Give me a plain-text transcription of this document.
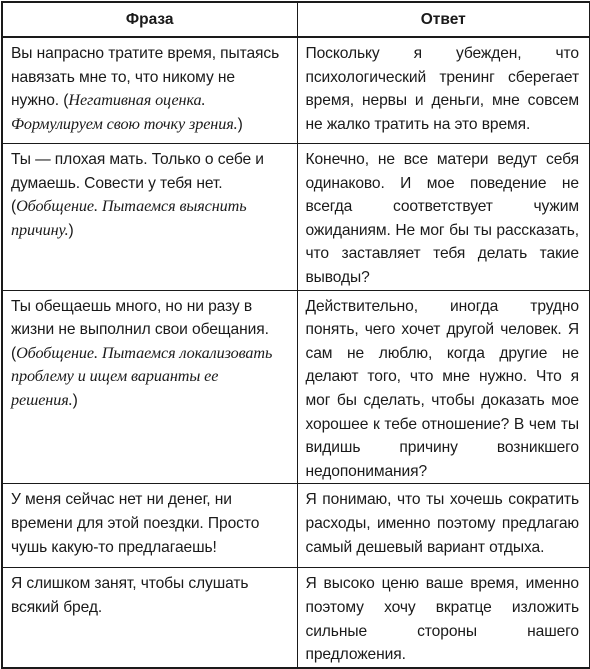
Фраза	Ответ
Вы напрасно тратите время, пытаясь навязать мне то, что никому не нужно. (Негативная оценка. Формулируем свою точку зрения.)	Поскольку я убежден, что психологический тренинг сберегает время, нервы и деньги, мне совсем не жалко тратить на это время.
Ты — плохая мать. Только о себе и думаешь. Совести у тебя нет. (Обобщение. Пытаемся выяснить причину.)	Конечно, не все матери ведут себя одинаково. И мое поведение не всегда соответствует чужим ожиданиям. Не мог бы ты рассказать, что заставляет тебя делать такие выводы?
Ты обещаешь много, но ни разу в жизни не выполнил свои обещания. (Обобщение. Пытаемся локализовать проблему и ищем варианты ее решения.)	Действительно, иногда трудно понять, чего хочет другой человек. Я сам не люблю, когда другие не делают того, что мне нужно. Что я мог бы сделать, чтобы доказать мое хорошее к тебе отношение? В чем ты видишь причину возникшего недопонимания?
У меня сейчас нет ни денег, ни времени для этой поездки. Просто чушь какую-то предлагаешь!	Я понимаю, что ты хочешь сократить расходы, именно поэтому предлагаю самый дешевый вариант отдыха.
Я слишком занят, чтобы слушать всякий бред.	Я высоко ценю ваше время, именно поэтому хочу вкратце изложить сильные стороны нашего предложения.
